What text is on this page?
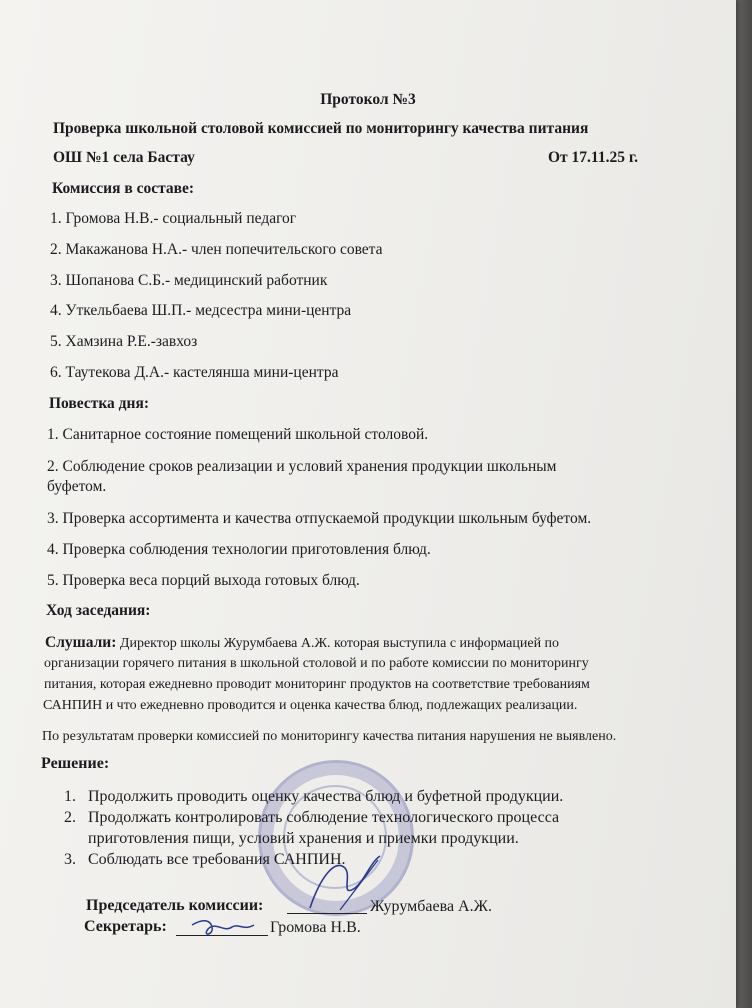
Протокол №3
Проверка школьной столовой комиссией по мониторингу качества питания
ОШ №1 села Бастау	От 17.11.25 г.
Комиссия в составе:
1. Громова Н.В.- социальный педагог
2. Макажанова Н.А.- член попечительского совета
3. Шопанова С.Б.- медицинский работник
4. Уткельбаева Ш.П.- медсестра мини-центра
5. Хамзина Р.Е.-завхоз
6. Таутекова Д.А.- кастелянша мини-центра
Повестка дня:
1. Санитарное состояние помещений школьной столовой.
2. Соблюдение сроков реализации и условий хранения продукции школьным
буфетом.
3. Проверка ассортимента и качества отпускаемой продукции школьным буфетом.
4. Проверка соблюдения технологии приготовления блюд.
5. Проверка веса порций выхода готовых блюд.
Ход заседания:
Слушали: Директор школы Журумбаева А.Ж. которая выступила с информацией по
организации горячего питания в школьной столовой и по работе комиссии по мониторингу
питания, которая ежедневно проводит мониторинг продуктов на соответствие требованиям
САНПИН и что ежедневно проводится и оценка качества блюд, подлежащих реализации.
По результатам проверки комиссией по мониторингу качества питания нарушения не выявлено.
Решение:
1. Продолжить проводить оценку качества блюд и буфетной продукции.
2. Продолжать контролировать соблюдение технологического процесса
приготовления пищи, условий хранения и приемки продукции.
3. Соблюдать все требования САНПИН.
Председатель комиссии:	Журумбаева А.Ж.
Секретарь:	Громова Н.В.
